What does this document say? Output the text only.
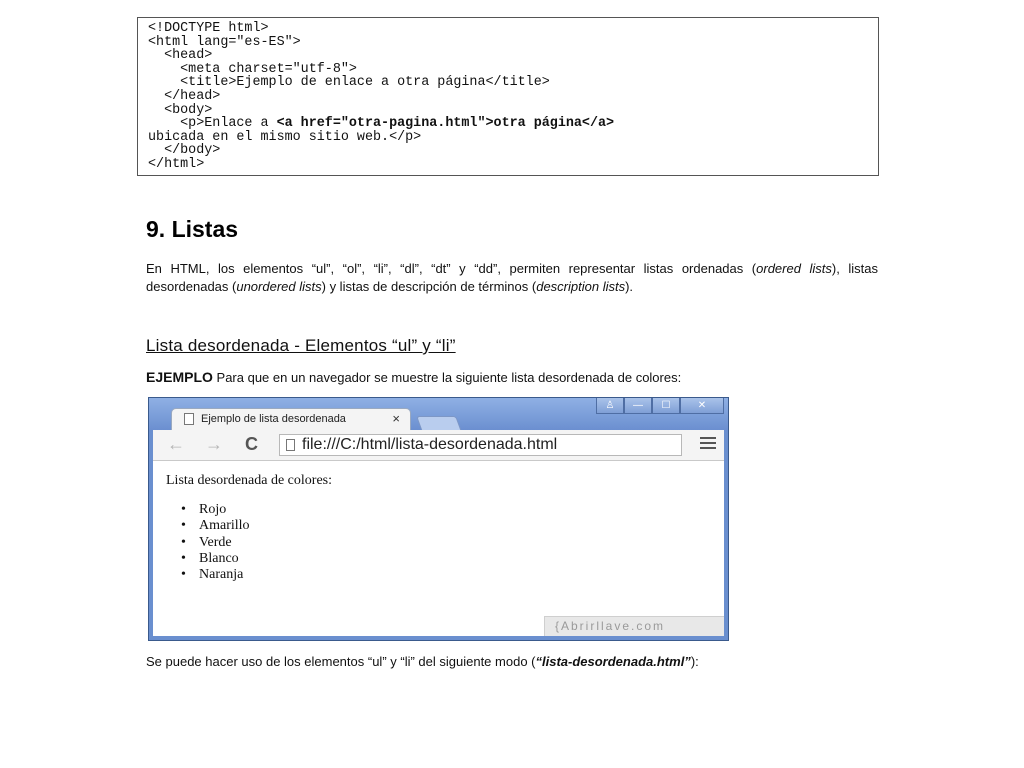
<!DOCTYPE html>
<html lang="es-ES">
<head>
<meta charset="utf-8">
<title>Ejemplo de enlace a otra página</title>
</head>
<body>
<p>Enlace a <a href="otra-pagina.html">otra página</a>
ubicada en el mismo sitio web.</p>
</body>
</html>
9. Listas

En HTML, los elementos “ul”, “ol”, “li”, “dl”, “dt” y “dd”, permiten representar listas ordenadas (ordered lists), listas desordenadas (unordered lists) y listas de descripción de términos (description lists).

Lista desordenada - Elementos “ul” y “li”
EJEMPLO Para que en un navegador se muestre la siguiente lista desordenada de colores:
Ejemplo de lista desordenada	×
♙	—	☐	✕
← → C	file:///C:/html/lista-desordenada.html
Lista desordenada de colores:
• Rojo
• Amarillo
• Verde
• Blanco
• Naranja
{Abrirllave.com
Se puede hacer uso de los elementos “ul” y “li” del siguiente modo (“lista-desordenada.html”):
